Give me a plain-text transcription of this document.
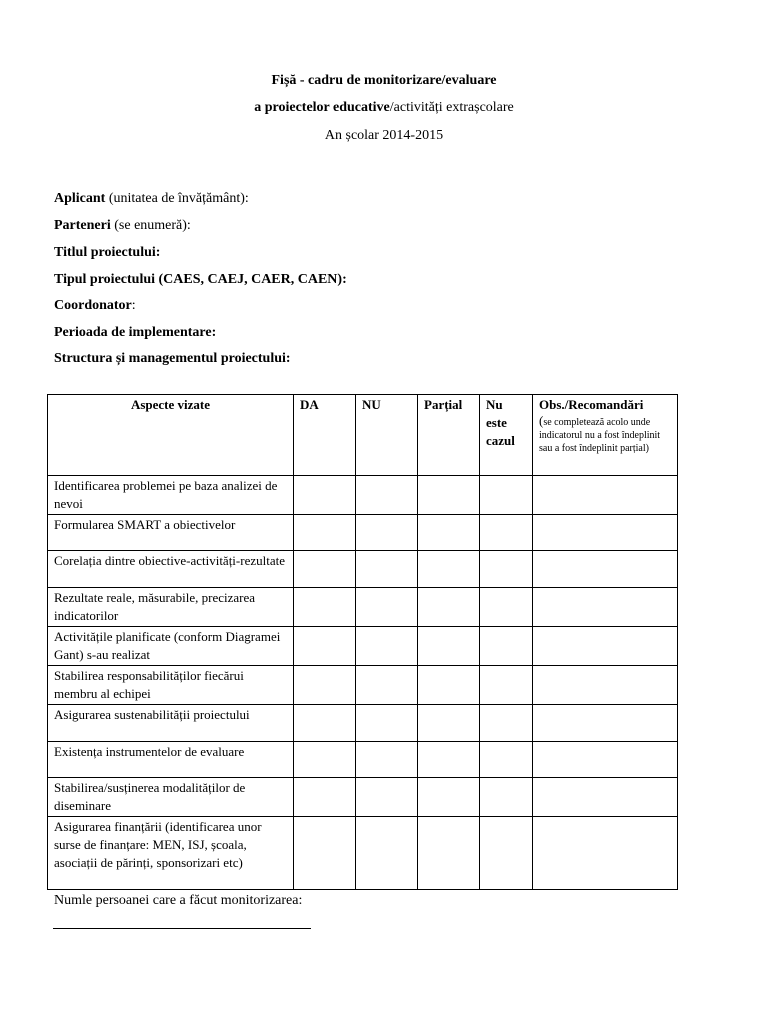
Fișă - cadru de monitorizare/evaluare
a proiectelor educative/activități extrașcolare
An școlar 2014-2015
Aplicant (unitatea de învățământ):
Parteneri (se enumeră):
Titlul proiectului:
Tipul proiectului (CAES, CAEJ, CAER, CAEN):
Coordonator:
Perioada de implementare:
Structura și managementul proiectului:
Aspecte vizate	DA	NU	Parțial	Nu este cazul	Obs./Recomandări
(se completează acolo unde indicatorul nu a fost îndeplinit sau a fost îndeplinit parțial)

Identificarea problemei pe baza analizei de nevoi					
Formularea SMART a obiectivelor					
Corelația dintre obiective-activități-rezultate					
Rezultate reale, măsurabile, precizarea indicatorilor					
Activitățile planificate (conform Diagramei Gant) s-au realizat					
Stabilirea responsabilităților fiecărui membru al echipei					
Asigurarea sustenabilității proiectului					
Existența instrumentelor de evaluare					
Stabilirea/susținerea modalităților de diseminare					
Asigurarea finanțării (identificarea unor surse de finanțare: MEN, ISJ, școala, asociații de părinți, sponsorizari etc)					
Numle persoanei care a făcut monitorizarea:
